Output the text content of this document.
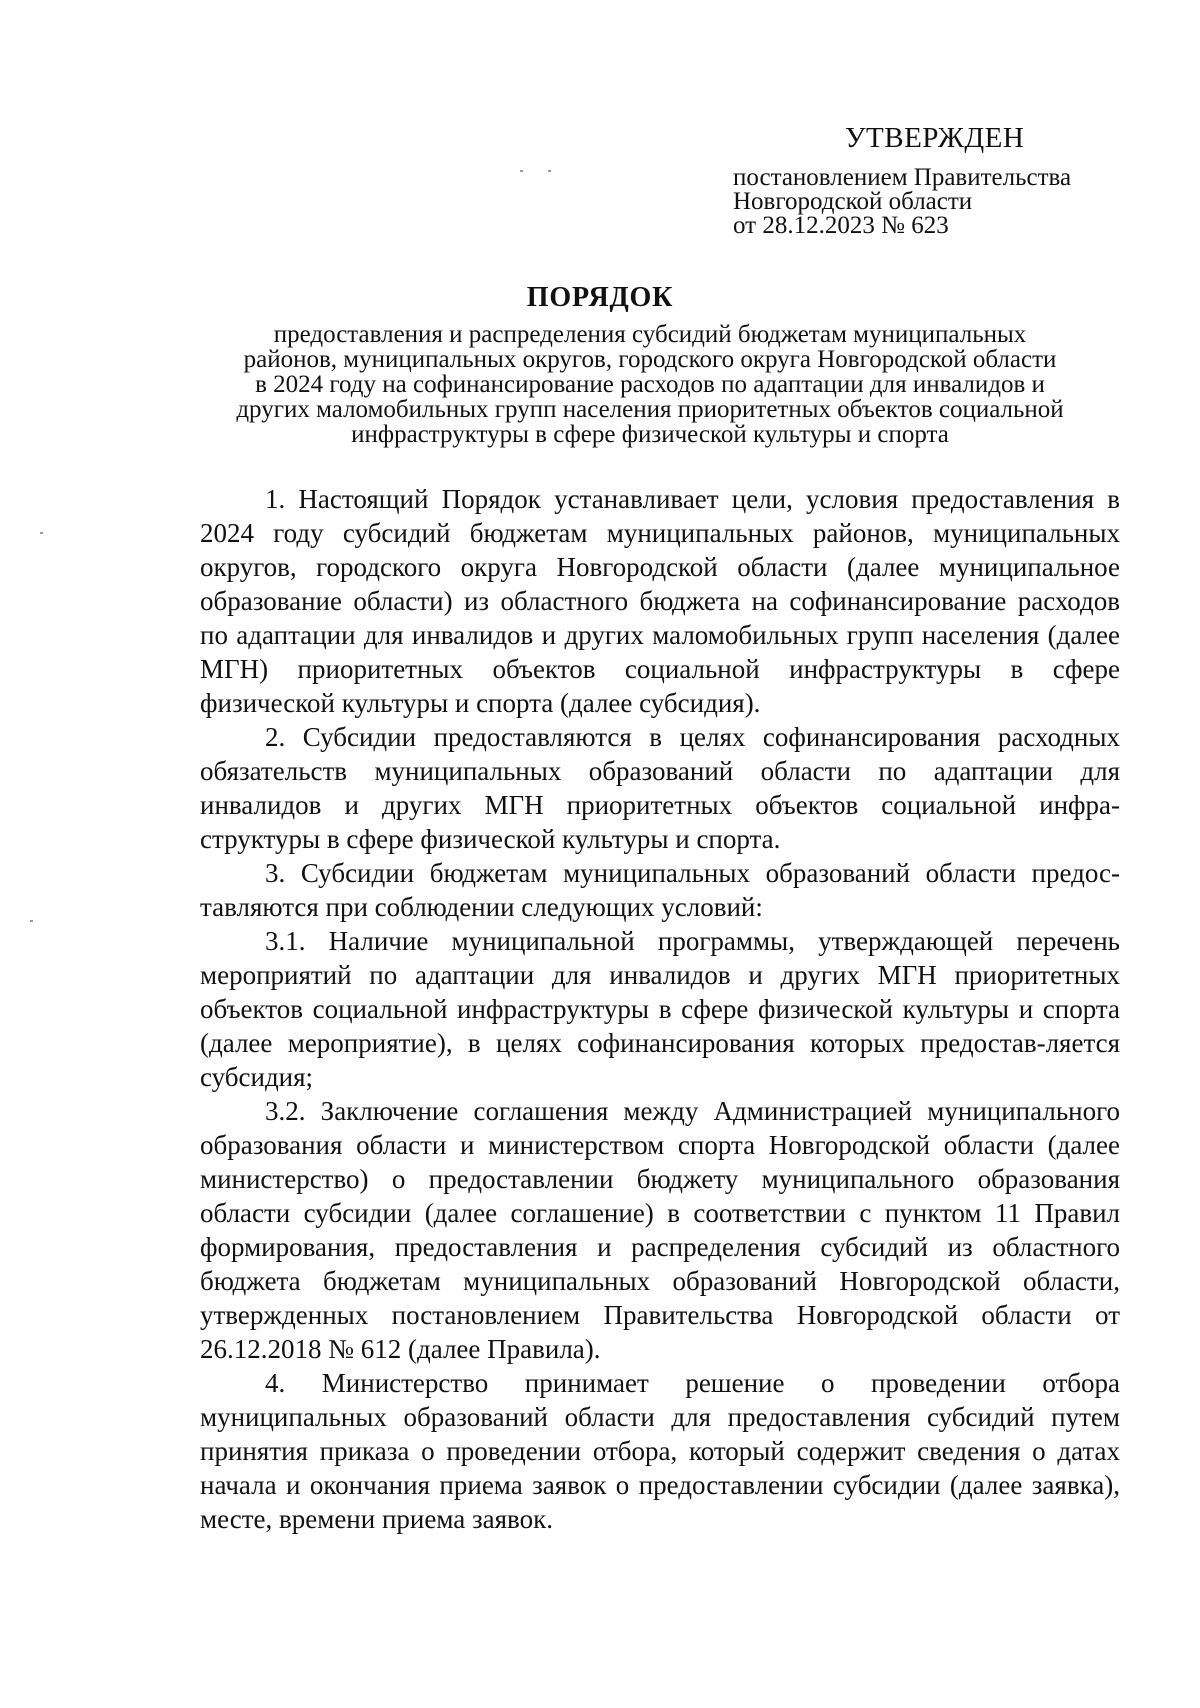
УТВЕРЖДЕН
постановлением Правительства
Новгородской области
от 28.12.2023 № 623
ПОРЯДОК
предоставления и распределения субсидий бюджетам муниципальных
районов, муниципальных округов, городского округа Новгородской области
в 2024 году на софинансирование расходов по адаптации для инвалидов и
других маломобильных групп населения приоритетных объектов социальной
инфраструктуры в сфере физической культуры и спорта

1. Настоящий Порядок устанавливает цели, условия предоставления в 2024 году субсидий бюджетам муниципальных районов, муниципальных округов, городского округа Новгородской области (далее муниципальное образование области) из областного бюджета на софинансирование расходов по адаптации для инвалидов и других маломобильных групп населения (далее МГН) приоритетных объектов социальной инфраструктуры в сфере физической культуры и спорта (далее субсидия).

2. Субсидии предоставляются в целях софинансирования расходных обязательств муниципальных образований области по адаптации для инвалидов и других МГН приоритетных объектов социальной инфра-структуры в сфере физической культуры и спорта.

3. Субсидии бюджетам муниципальных образований области предос-тавляются при соблюдении следующих условий:

3.1. Наличие муниципальной программы, утверждающей перечень мероприятий по адаптации для инвалидов и других МГН приоритетных объектов социальной инфраструктуры в сфере физической культуры и спорта (далее мероприятие), в целях софинансирования которых предостав-ляется субсидия;

3.2. Заключение соглашения между Администрацией муниципального образования области и министерством спорта Новгородской области (далее министерство) о предоставлении бюджету муниципального образования области субсидии (далее соглашение) в соответствии с пунктом 11 Правил формирования, предоставления и распределения субсидий из областного бюджета бюджетам муниципальных образований Новгородской области, утвержденных постановлением Правительства Новгородской области от 26.12.2018 № 612 (далее Правила).

4. Министерство принимает решение о проведении отбора муниципальных образований области для предоставления субсидий путем принятия приказа о проведении отбора, который содержит сведения о датах начала и окончания приема заявок о предоставлении субсидии (далее заявка), месте, времени приема заявок.
